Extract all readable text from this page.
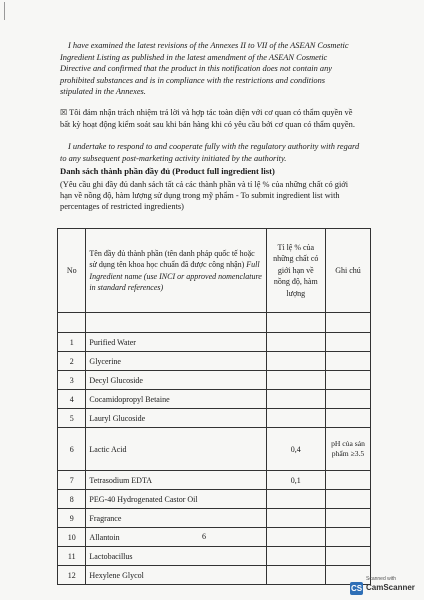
I have examined the latest revisions of the Annexes II to VII of the ASEAN Cosmetic Ingredient Listing as published in the latest amendment of the ASEAN Cosmetic Directive and confirmed that the product in this notification does not contain any prohibited substances and is in compliance with the restrictions and conditions stipulated in the Annexes.

☒ Tôi đảm nhận trách nhiệm trả lời và hợp tác toàn diện với cơ quan có thẩm quyền về bất kỳ hoạt động kiểm soát sau khi bán hàng khi có yêu cầu bởi cơ quan có thẩm quyền.

I undertake to respond to and cooperate fully with the regulatory authority with regard to any subsequent post-marketing activity initiated by the authority.
Danh sách thành phần đầy đủ (Product full ingredient list)
(Yêu cầu ghi đầy đủ danh sách tất cả các thành phần và tỉ lệ % của những chất có giới hạn về nồng độ, hàm lượng sử dụng trong mỹ phẩm - To submit ingredient list with percentages of restricted ingredients)
No	Tên đầy đủ thành phần (tên danh pháp quốc tế hoặc sử dụng tên khoa học chuẩn đã được công nhận) Full Ingredient name (use INCI or approved nomenclature in standard references)	Tỉ lệ % của những chất có giới hạn về nồng độ, hàm lượng	Ghi chú

1	Purified Water		
2	Glycerine		
3	Decyl Glucoside		
4	Cocamidopropyl Betaine		
5	Lauryl Glucoside		
6	Lactic Acid	0,4	pH của sản phẩm ≥3.5
7	Tetrasodium EDTA	0,1	
8	PEG-40 Hydrogenated Castor Oil		
9	Fragrance		
10	Allantoin		
11	Lactobacillus		
12	Hexylene Glycol		
6
Scanned with
CS CamScanner
